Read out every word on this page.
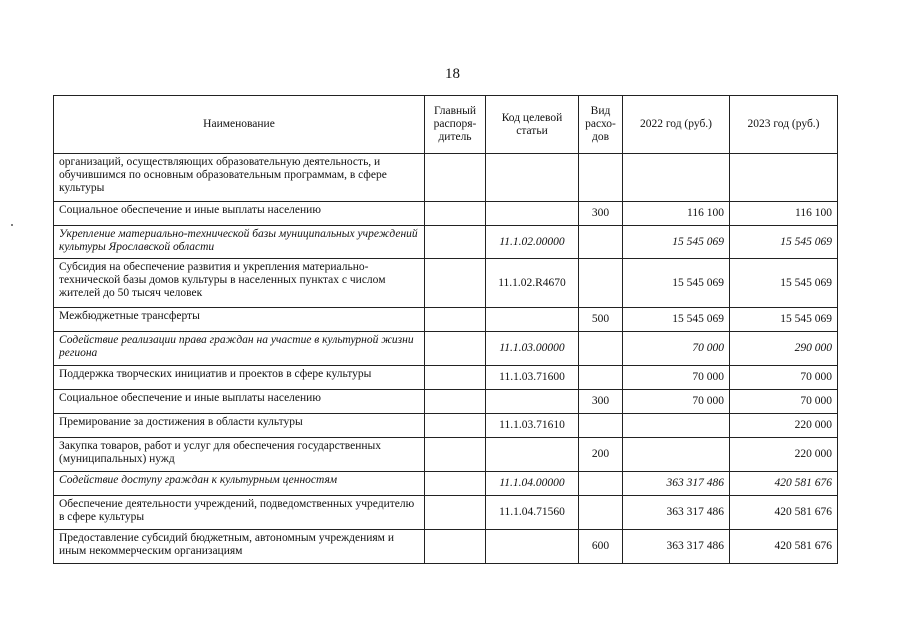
18
Наименование	Главный распоря-дитель	Код целевой статьи	Вид расхо-дов	2022 год (руб.)	2023 год (руб.)
организаций, осуществляющих образовательную деятельность, и обучившимся по основным образовательным программам, в сфере культуры					
Социальное обеспечение и иные выплаты населению			300	116 100	116 100
Укрепление материально-технической базы муниципальных учреждений культуры Ярославской области		11.1.02.00000		15 545 069	15 545 069
Субсидия на обеспечение развития и укрепления материально-технической базы домов культуры в населенных пунктах с числом жителей до 50 тысяч человек		11.1.02.R4670		15 545 069	15 545 069
Межбюджетные трансферты			500	15 545 069	15 545 069
Содействие реализации права граждан на участие в культурной жизни региона		11.1.03.00000		70 000	290 000
Поддержка творческих инициатив и проектов в сфере культуры		11.1.03.71600		70 000	70 000
Социальное обеспечение и иные выплаты населению			300	70 000	70 000
Премирование за достижения в области культуры		11.1.03.71610			220 000
Закупка товаров, работ и услуг для обеспечения государственных (муниципальных) нужд			200		220 000
Содействие доступу граждан к культурным ценностям		11.1.04.00000		363 317 486	420 581 676
Обеспечение деятельности учреждений, подведомственных учредителю в сфере культуры		11.1.04.71560		363 317 486	420 581 676
Предоставление субсидий бюджетным, автономным учреждениям и иным некоммерческим организациям			600	363 317 486	420 581 676
